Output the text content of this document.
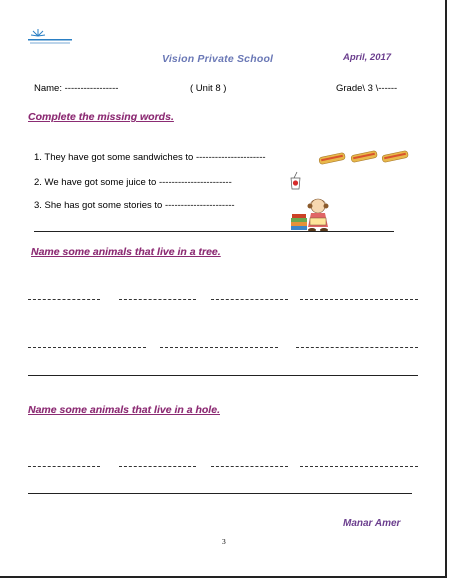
Vision Private School	April, 2017
Name: -----------------	( Unit 8 )	Grade\ 3 \------
Complete the missing words.
1. They have got some sandwiches to ----------------------
2. We have got some juice to -----------------------
3. She has got some stories to ----------------------
Name some animals that live in a tree.
Name some animals that live in a hole.
Manar Amer
3
